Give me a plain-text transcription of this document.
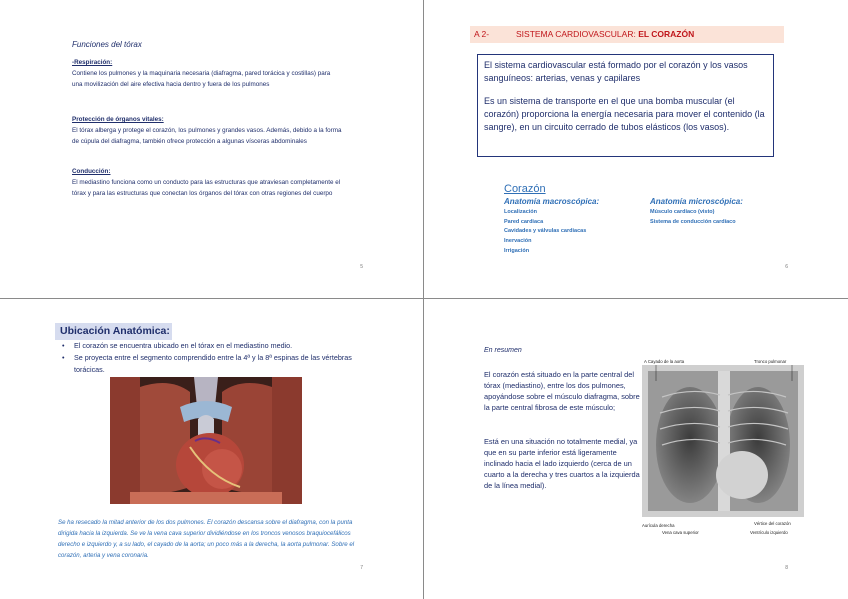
Funciones del tórax
-Respiración:
Contiene los pulmones y la maquinaria necesaria (diafragma, pared torácica y costillas) para una movilización del aire efectiva hacia dentro y fuera de los pulmones
Protección de órganos vitales:
El tórax alberga y protege el corazón, los pulmones y grandes vasos. Además, debido a la forma de cúpula del diafragma, también ofrece protección a algunas vísceras abdominales
Conducción:
El mediastino funciona como un conducto para las estructuras que atraviesan completamente el tórax y para las estructuras que conectan los órganos del tórax con otras regiones del cuerpo
5
A 2-	SISTEMA CARDIOVASCULAR: EL CORAZÓN

El sistema cardiovascular está formado por el corazón y los vasos sanguíneos: arterias, venas y capilares

Es un sistema de transporte en el que una bomba muscular (el corazón) proporciona la energía necesaria para mover el contenido (la sangre), en un circuito cerrado de tubos elásticos (los vasos).

Corazón
Anatomía macroscópica:
Localización
Pared cardiaca
Cavidades y válvulas cardiacas
Inervación
Irrigación
Anatomía microscópica:
Músculo cardíaco (visto)
Sistema de conducción cardíaco
6
Ubicación Anatómica:
• El corazón se encuentra ubicado en el tórax en el mediastino medio.
• Se proyecta entre el segmento comprendido entre la 4ª y la 8ª espinas de las vértebras torácicas.
Se ha resecado la mitad anterior de los dos pulmones. El corazón descansa sobre el diafragma, con la punta dirigida hacia la izquierda. Se ve la vena cava superior dividiéndose en los troncos venosos braquiocefálicos derecho e izquierdo y, a su lado, el cayado de la aorta; un poco más a la derecha, la aorta pulmonar. Sobre el corazón, arteria y vena coronaria.
7
En resumen
El corazón está situado en la parte central del tórax (mediastino), entre los dos pulmones, apoyándose sobre el músculo diafragma, sobre la parte central fibrosa de este músculo;
Está en una situación no totalmente medial, ya que en su parte inferior está ligeramente inclinado hacia el lado izquierdo (cerca de un cuarto a la derecha y tres cuartos a la izquierda de la línea medial).
A Cayado de la aorta	Tronco pulmonar
Aurícula derecha
Vena cava superior
Vértice del corazón
Ventrículo izquierdo
8
